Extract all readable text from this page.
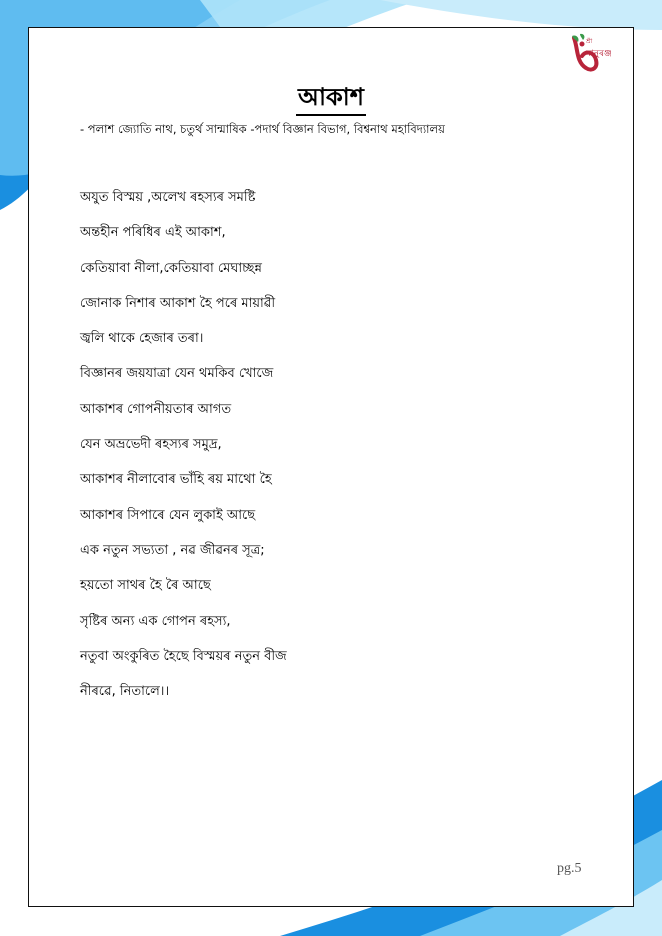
শ্ৰী
মানুৰঞ্জ
আকাশ
- পলাশ জ্যোতি নাথ, চতুৰ্থ সান্মাষিক -পদাৰ্থ বিজ্ঞান বিভাগ, বিশ্বনাথ মহাবিদ্যালয়
অযুত বিস্ময় ,অলেখ ৰহস্যৰ সমষ্টি
অন্তহীন পৰিধিৰ এই আকাশ,
কেতিয়াবা নীলা,কেতিয়াবা মেঘাচ্ছন্ন
জোনাক নিশাৰ আকাশ হৈ পৰে মায়াৱী
জ্বলি থাকে হেজাৰ তৰা।
বিজ্ঞানৰ জয়যাত্ৰা যেন থমকিব খোজে
আকাশৰ গোপনীয়তাৰ আগত
যেন অভ্ৰভেদী ৰহস্যৰ সমুদ্ৰ,
আকাশৰ নীলাবোৰ ভাঁহি ৰয় মাথো হৈ
আকাশৰ সিপাৰে যেন লুকাই আছে
এক নতুন সভ্যতা , নৱ জীৱনৰ সূত্ৰ;
হয়তো সাথৰ হৈ ৰৈ আছে
সৃষ্টিৰ অন্য এক গোপন ৰহস্য,
নতুবা অংকুৰিত হৈছে বিস্ময়ৰ নতুন বীজ
নীৰৱে, নিতালে।।
pg.5
